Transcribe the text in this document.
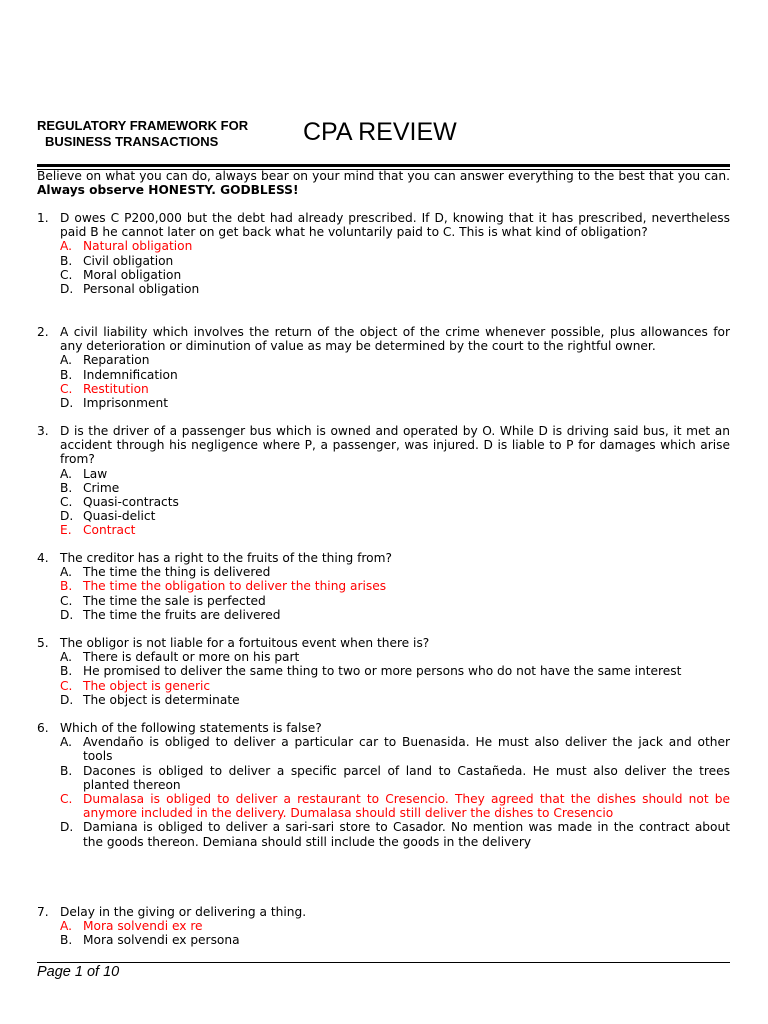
REGULATORY FRAMEWORK FOR
BUSINESS TRANSACTIONS	CPA REVIEW
Believe on what you can do, always bear on your mind that you can answer everything to the best that you can. Always observe HONESTY. GODBLESS!
1. D owes C P200,000 but the debt had already prescribed. If D, knowing that it has prescribed, nevertheless paid B he cannot later on get back what he voluntarily paid to C. This is what kind of obligation?
A. Natural obligation
B. Civil obligation
C. Moral obligation
D. Personal obligation
2. A civil liability which involves the return of the object of the crime whenever possible, plus allowances for any deterioration or diminution of value as may be determined by the court to the rightful owner.
A. Reparation
B. Indemnification
C. Restitution
D. Imprisonment
3. D is the driver of a passenger bus which is owned and operated by O. While D is driving said bus, it met an accident through his negligence where P, a passenger, was injured. D is liable to P for damages which arise from?
A. Law
B. Crime
C. Quasi-contracts
D. Quasi-delict
E. Contract
4. The creditor has a right to the fruits of the thing from?
A. The time the thing is delivered
B. The time the obligation to deliver the thing arises
C. The time the sale is perfected
D. The time the fruits are delivered
5. The obligor is not liable for a fortuitous event when there is?
A. There is default or more on his part
B. He promised to deliver the same thing to two or more persons who do not have the same interest
C. The object is generic
D. The object is determinate
6. Which of the following statements is false?
A. Avendaño is obliged to deliver a particular car to Buenasida. He must also deliver the jack and other tools
B. Dacones is obliged to deliver a specific parcel of land to Castañeda. He must also deliver the trees planted thereon
C. Dumalasa is obliged to deliver a restaurant to Cresencio. They agreed that the dishes should not be anymore included in the delivery. Dumalasa should still deliver the dishes to Cresencio
D. Damiana is obliged to deliver a sari-sari store to Casador. No mention was made in the contract about the goods thereon. Demiana should still include the goods in the delivery
7. Delay in the giving or delivering a thing.
A. Mora solvendi ex re
B. Mora solvendi ex persona
Page 1 of 10
